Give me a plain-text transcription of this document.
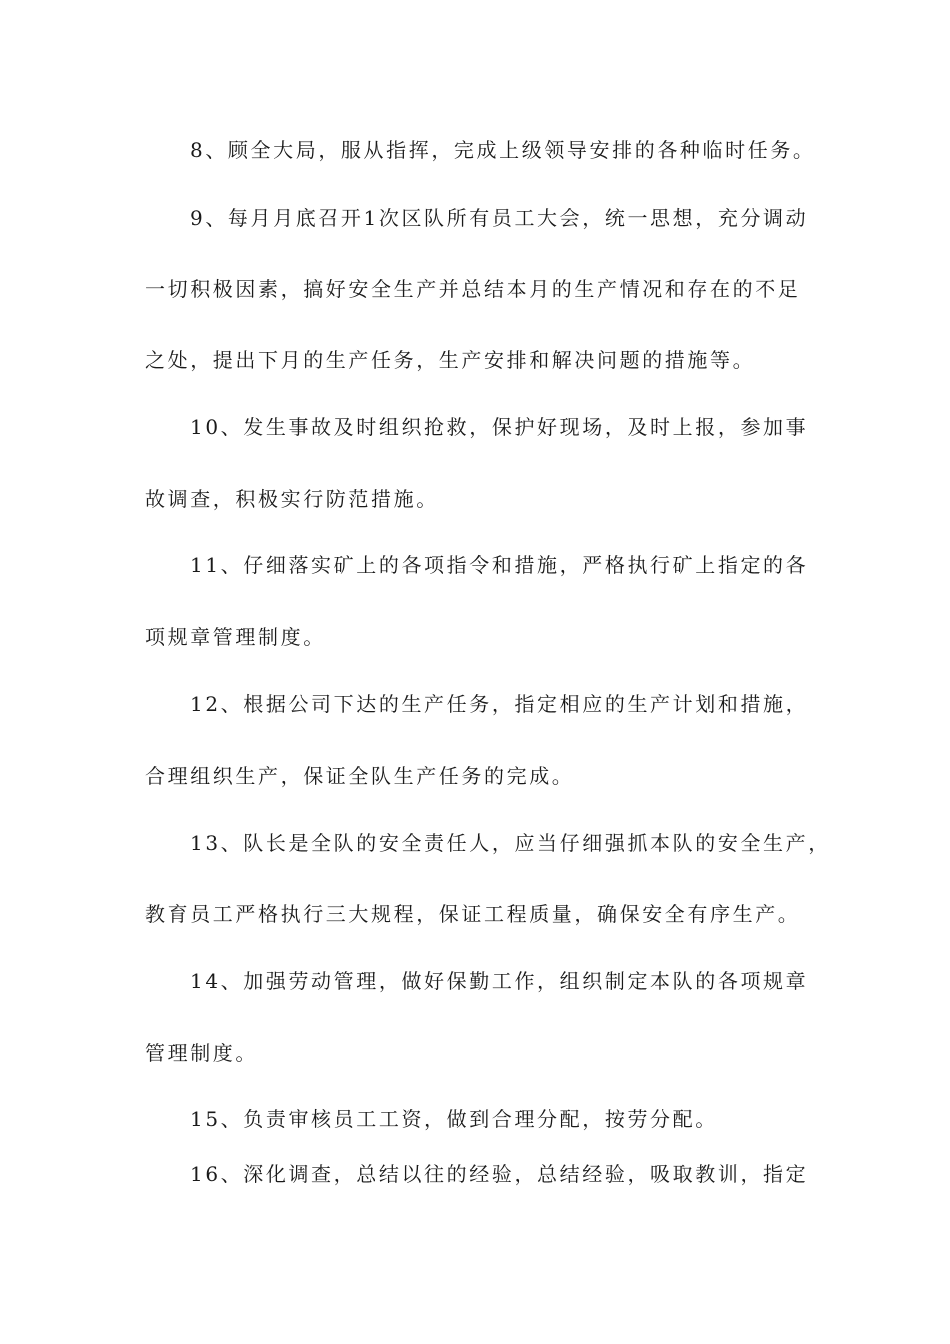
8、顾全大局，服从指挥，完成上级领导安排的各种临时任务。
9、每月月底召开1次区队所有员工大会，统一思想，充分调动
一切积极因素，搞好安全生产并总结本月的生产情况和存在的不足
之处，提出下月的生产任务，生产安排和解决问题的措施等。
10、发生事故及时组织抢救，保护好现场，及时上报，参加事
故调查，积极实行防范措施。
11、仔细落实矿上的各项指令和措施，严格执行矿上指定的各
项规章管理制度。
12、根据公司下达的生产任务，指定相应的生产计划和措施，
合理组织生产，保证全队生产任务的完成。
13、队长是全队的安全责任人，应当仔细强抓本队的安全生产，
教育员工严格执行三大规程，保证工程质量，确保安全有序生产。
14、加强劳动管理，做好保勤工作，组织制定本队的各项规章
管理制度。
15、负责审核员工工资，做到合理分配，按劳分配。
16、深化调查，总结以往的经验，总结经验，吸取教训，指定
